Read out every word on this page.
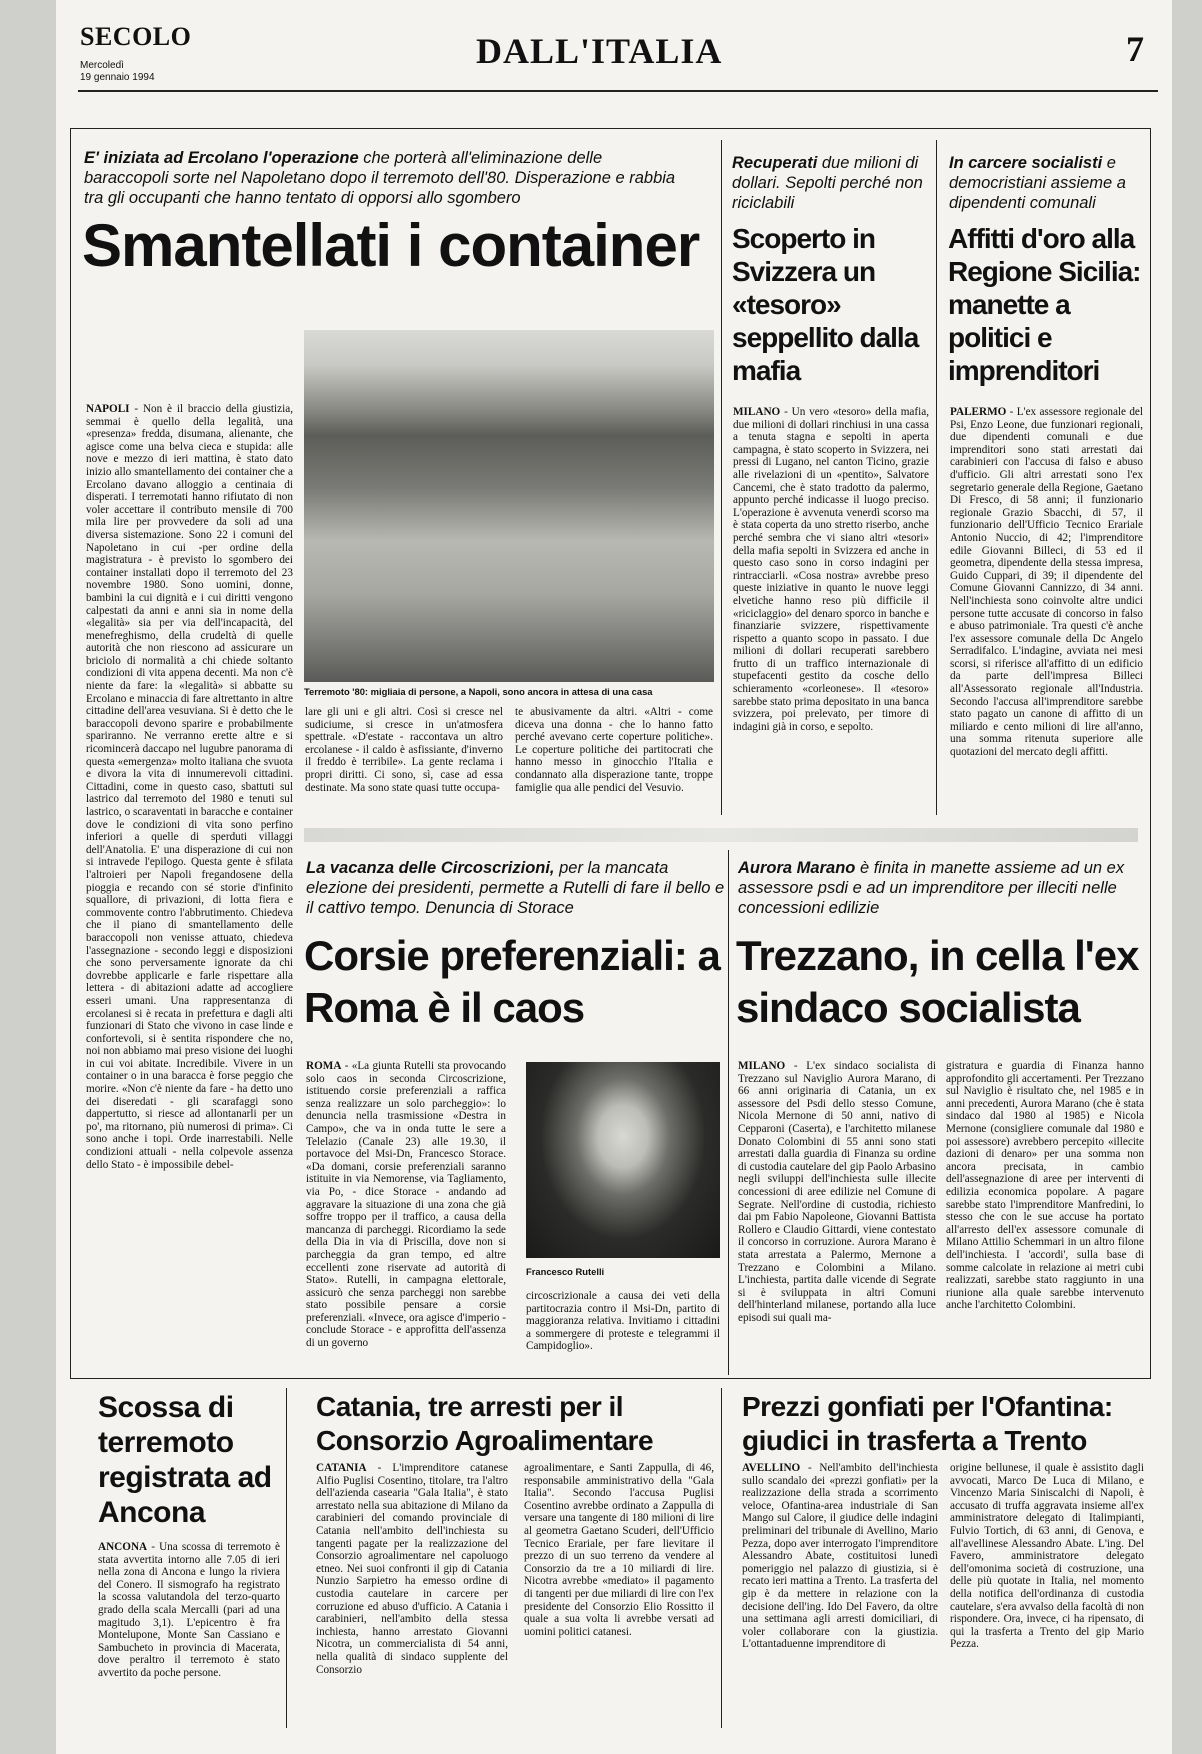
SECOLO
Mercoledì
19 gennaio 1994
DALL'ITALIA	7
E' iniziata ad Ercolano l'operazione che porterà all'eliminazione delle baraccopoli sorte nel Napoletano dopo il terremoto dell'80. Disperazione e rabbia tra gli occupanti che hanno tentato di opporsi allo sgombero
Smantellati i container
Terremoto '80: migliaia di persone, a Napoli, sono ancora in attesa di una casa
NAPOLI - Non è il braccio della giustizia, semmai è quello della legalità, una «presenza» fredda, disumana, alienante, che agisce come una belva cieca e stupida: alle nove e mezzo di ieri mattina, è stato dato inizio allo smantellamento dei container che a Ercolano davano alloggio a centinaia di disperati. I terremotati hanno rifiutato di non voler accettare il contributo mensile di 700 mila lire per provvedere da soli ad una diversa sistemazione. Sono 22 i comuni del Napoletano in cui -per ordine della magistratura - è previsto lo sgombero dei container installati dopo il terremoto del 23 novembre 1980. Sono uomini, donne, bambini la cui dignità e i cui diritti vengono calpestati da anni e anni sia in nome della «legalità» sia per via dell'incapacità, del menefreghismo, della crudeltà di quelle autorità che non riescono ad assicurare un briciolo di normalità a chi chiede soltanto condizioni di vita appena decenti. Ma non c'è niente da fare: la «legalità» si abbatte su Ercolano e minaccia di fare altrettanto in altre cittadine dell'area vesuviana. Si è detto che le baraccopoli devono sparire e probabilmente spariranno. Ne verranno erette altre e si ricomincerà daccapo nel lugubre panorama di questa «emergenza» molto italiana che svuota e divora la vita di innumerevoli cittadini. Cittadini, come in questo caso, sbattuti sul lastrico dal terremoto del 1980 e tenuti sul lastrico, o scaraventati in baracche e container dove le condizioni di vita sono perfino inferiori a quelle di sperduti villaggi dell'Anatolia. E' una disperazione di cui non si intravede l'epilogo. Questa gente è sfilata l'altroieri per Napoli fregandosene della pioggia e recando con sé storie d'infinito squallore, di privazioni, di lotta fiera e commovente contro l'abbrutimento. Chiedeva che il piano di smantellamento delle baraccopoli non venisse attuato, chiedeva l'assegnazione - secondo leggi e disposizioni che sono perversamente ignorate da chi dovrebbe applicarle e farle rispettare alla lettera - di abitazioni adatte ad accogliere esseri umani. Una rappresentanza di ercolanesi si è recata in prefettura e dagli alti funzionari di Stato che vivono in case linde e confortevoli, si è sentita rispondere che no, noi non abbiamo mai preso visione dei luoghi in cui voi abitate. Incredibile. Vivere in un container o in una baracca è forse peggio che morire. «Non c'è niente da fare - ha detto uno dei diseredati - gli scarafaggi sono dappertutto, si riesce ad allontanarli per un po', ma ritornano, più numerosi di prima». Ci sono anche i topi. Orde inarrestabili. Nelle condizioni attuali - nella colpevole assenza dello Stato - è impossibile debel-
lare gli uni e gli altri. Così si cresce nel sudiciume, si cresce in un'atmosfera spettrale. «D'estate - raccontava un altro ercolanese - il caldo è asfissiante, d'inverno il freddo è terribile». La gente reclama i propri diritti. Ci sono, sì, case ad essa destinate. Ma sono state quasi tutte occupa-
te abusivamente da altri. «Altri - come diceva una donna - che lo hanno fatto perché avevano certe coperture politiche». Le coperture politiche dei partitocrati che hanno messo in ginocchio l'Italia e condannato alla disperazione tante, troppe famiglie qua alle pendici del Vesuvio.
Recuperati due milioni di dollari. Sepolti perché non riciclabili
Scoperto in Svizzera un «tesoro» seppellito dalla mafia
MILANO - Un vero «tesoro» della mafia, due milioni di dollari rinchiusi in una cassa a tenuta stagna e sepolti in aperta campagna, è stato scoperto in Svizzera, nei pressi di Lugano, nel canton Ticino, grazie alle rivelazioni di un «pentito», Salvatore Cancemi, che è stato tradotto da palermo, appunto perché indicasse il luogo preciso. L'operazione è avvenuta venerdì scorso ma è stata coperta da uno stretto riserbo, anche perché sembra che vi siano altri «tesori» della mafia sepolti in Svizzera ed anche in questo caso sono in corso indagini per rintracciarli. «Cosa nostra» avrebbe preso queste iniziative in quanto le nuove leggi elvetiche hanno reso più difficile il «riciclaggio» del denaro sporco in banche e finanziarie svizzere, rispettivamente rispetto a quanto scopo in passato. I due milioni di dollari recuperati sarebbero frutto di un traffico internazionale di stupefacenti gestito da cosche dello schieramento «corleonese». Il «tesoro» sarebbe stato prima depositato in una banca svizzera, poi prelevato, per timore di indagini già in corso, e sepolto.
In carcere socialisti e democristiani assieme a dipendenti comunali
Affitti d'oro alla Regione Sicilia: manette a politici e imprenditori
PALERMO - L'ex assessore regionale del Psi, Enzo Leone, due funzionari regionali, due dipendenti comunali e due imprenditori sono stati arrestati dai carabinieri con l'accusa di falso e abuso d'ufficio. Gli altri arrestati sono l'ex segretario generale della Regione, Gaetano Di Fresco, di 58 anni; il funzionario regionale Grazio Sbacchi, di 57, il funzionario dell'Ufficio Tecnico Erariale Antonio Nuccio, di 42; l'imprenditore edile Giovanni Billeci, di 53 ed il geometra, dipendente della stessa impresa, Guido Cuppari, di 39; il dipendente del Comune Giovanni Cannizzo, di 34 anni. Nell'inchiesta sono coinvolte altre undici persone tutte accusate di concorso in falso e abuso patrimoniale. Tra questi c'è anche l'ex assessore comunale della Dc Angelo Serradifalco. L'indagine, avviata nei mesi scorsi, si riferisce all'affitto di un edificio da parte dell'impresa Billeci all'Assessorato regionale all'Industria. Secondo l'accusa all'imprenditore sarebbe stato pagato un canone di affitto di un miliardo e cento milioni di lire all'anno, una somma ritenuta superiore alle quotazioni del mercato degli affitti.
La vacanza delle Circoscrizioni, per la mancata elezione dei presidenti, permette a Rutelli di fare il bello e il cattivo tempo. Denuncia di Storace
Corsie preferenziali: a Roma è il caos
ROMA - «La giunta Rutelli sta provocando solo caos in seconda Circoscrizione, istituendo corsie preferenziali a raffica senza realizzare un solo parcheggio»: lo denuncia nella trasmissione «Destra in Campo», che va in onda tutte le sere a Telelazio (Canale 23) alle 19.30, il portavoce del Msi-Dn, Francesco Storace. «Da domani, corsie preferenziali saranno istituite in via Nemorense, via Tagliamento, via Po, - dice Storace - andando ad aggravare la situazione di una zona che già soffre troppo per il traffico, a causa della mancanza di parcheggi. Ricordiamo la sede della Dia in via di Priscilla, dove non si parcheggia da gran tempo, ed altre eccellenti zone riservate ad autorità di Stato». Rutelli, in campagna elettorale, assicurò che senza parcheggi non sarebbe stato possibile pensare a corsie preferenziali. «Invece, ora agisce d'imperio - conclude Storace - e approfitta dell'assenza di un governo
Francesco Rutelli
circoscrizionale a causa dei veti della partitocrazia contro il Msi-Dn, partito di maggioranza relativa. Invitiamo i cittadini a sommergere di proteste e telegrammi il Campidoglio».
Aurora Marano è finita in manette assieme ad un ex assessore psdi e ad un imprenditore per illeciti nelle concessioni edilizie
Trezzano, in cella l'ex sindaco socialista
MILANO - L'ex sindaco socialista di Trezzano sul Naviglio Aurora Marano, di 66 anni originaria di Catania, un ex assessore del Psdi dello stesso Comune, Nicola Mernone di 50 anni, nativo di Cepparoni (Caserta), e l'architetto milanese Donato Colombini di 55 anni sono stati arrestati dalla guardia di Finanza su ordine di custodia cautelare del gip Paolo Arbasino negli sviluppi dell'inchiesta sulle illecite concessioni di aree edilizie nel Comune di Segrate. Nell'ordine di custodia, richiesto dai pm Fabio Napoleone, Giovanni Battista Rollero e Claudio Gittardi, viene contestato il concorso in corruzione. Aurora Marano è stata arrestata a Palermo, Mernone a Trezzano e Colombini a Milano. L'inchiesta, partita dalle vicende di Segrate si è sviluppata in altri Comuni dell'hinterland milanese, portando alla luce episodi sui quali ma-
gistratura e guardia di Finanza hanno approfondito gli accertamenti. Per Trezzano sul Naviglio è risultato che, nel 1985 e in anni precedenti, Aurora Marano (che è stata sindaco dal 1980 al 1985) e Nicola Mernone (consigliere comunale dal 1980 e poi assessore) avrebbero percepito «illecite dazioni di denaro» per una somma non ancora precisata, in cambio dell'assegnazione di aree per interventi di edilizia economica popolare. A pagare sarebbe stato l'imprenditore Manfredini, lo stesso che con le sue accuse ha portato all'arresto dell'ex assessore comunale di Milano Attilio Schemmari in un altro filone dell'inchiesta. I 'accordi', sulla base di somme calcolate in relazione ai metri cubi realizzati, sarebbe stato raggiunto in una riunione alla quale sarebbe intervenuto anche l'architetto Colombini.
Scossa di terremoto registrata ad Ancona
ANCONA - Una scossa di terremoto è stata avvertita intorno alle 7.05 di ieri nella zona di Ancona e lungo la riviera del Conero. Il sismografo ha registrato la scossa valutandola del terzo-quarto grado della scala Mercalli (pari ad una magitudo 3,1). L'epicentro è fra Montelupone, Monte San Cassiano e Sambucheto in provincia di Macerata, dove peraltro il terremoto è stato avvertito da poche persone.
Catania, tre arresti per il Consorzio Agroalimentare
CATANIA - L'imprenditore catanese Alfio Puglisi Cosentino, titolare, tra l'altro dell'azienda casearia "Gala Italia", è stato arrestato nella sua abitazione di Milano da carabinieri del comando provinciale di Catania nell'ambito dell'inchiesta su tangenti pagate per la realizzazione del Consorzio agroalimentare nel capoluogo etneo. Nei suoi confronti il gip di Catania Nunzio Sarpietro ha emesso ordine di custodia cautelare in carcere per corruzione ed abuso d'ufficio. A Catania i carabinieri, nell'ambito della stessa inchiesta, hanno arrestato Giovanni Nicotra, un commercialista di 54 anni, nella qualità di sindaco supplente del Consorzio
agroalimentare, e Santi Zappulla, di 46, responsabile amministrativo della "Gala Italia". Secondo l'accusa Puglisi Cosentino avrebbe ordinato a Zappulla di versare una tangente di 180 milioni di lire al geometra Gaetano Scuderi, dell'Ufficio Tecnico Erariale, per fare lievitare il prezzo di un suo terreno da vendere al Consorzio da tre a 10 miliardi di lire. Nicotra avrebbe «mediato» il pagamento di tangenti per due miliardi di lire con l'ex presidente del Consorzio Elio Rossitto il quale a sua volta li avrebbe versati ad uomini politici catanesi.
Prezzi gonfiati per l'Ofantina: giudici in trasferta a Trento
AVELLINO - Nell'ambito dell'inchiesta sullo scandalo dei «prezzi gonfiati» per la realizzazione della strada a scorrimento veloce, Ofantina-area industriale di San Mango sul Calore, il giudice delle indagini preliminari del tribunale di Avellino, Mario Pezza, dopo aver interrogato l'imprenditore Alessandro Abate, costituitosi lunedì pomeriggio nel palazzo di giustizia, si è recato ieri mattina a Trento. La trasferta del gip è da mettere in relazione con la decisione dell'ing. Ido Del Favero, da oltre una settimana agli arresti domiciliari, di voler collaborare con la giustizia. L'ottantaduenne imprenditore di
origine bellunese, il quale è assistito dagli avvocati, Marco De Luca di Milano, e Vincenzo Maria Siniscalchi di Napoli, è accusato di truffa aggravata insieme all'ex amministratore delegato di Italimpianti, Fulvio Tortich, di 63 anni, di Genova, e all'avellinese Alessandro Abate. L'ing. Del Favero, amministratore delegato dell'omonima società di costruzione, una delle più quotate in Italia, nel momento della notifica dell'ordinanza di custodia cautelare, s'era avvalso della facoltà di non rispondere. Ora, invece, ci ha ripensato, di qui la trasferta a Trento del gip Mario Pezza.
